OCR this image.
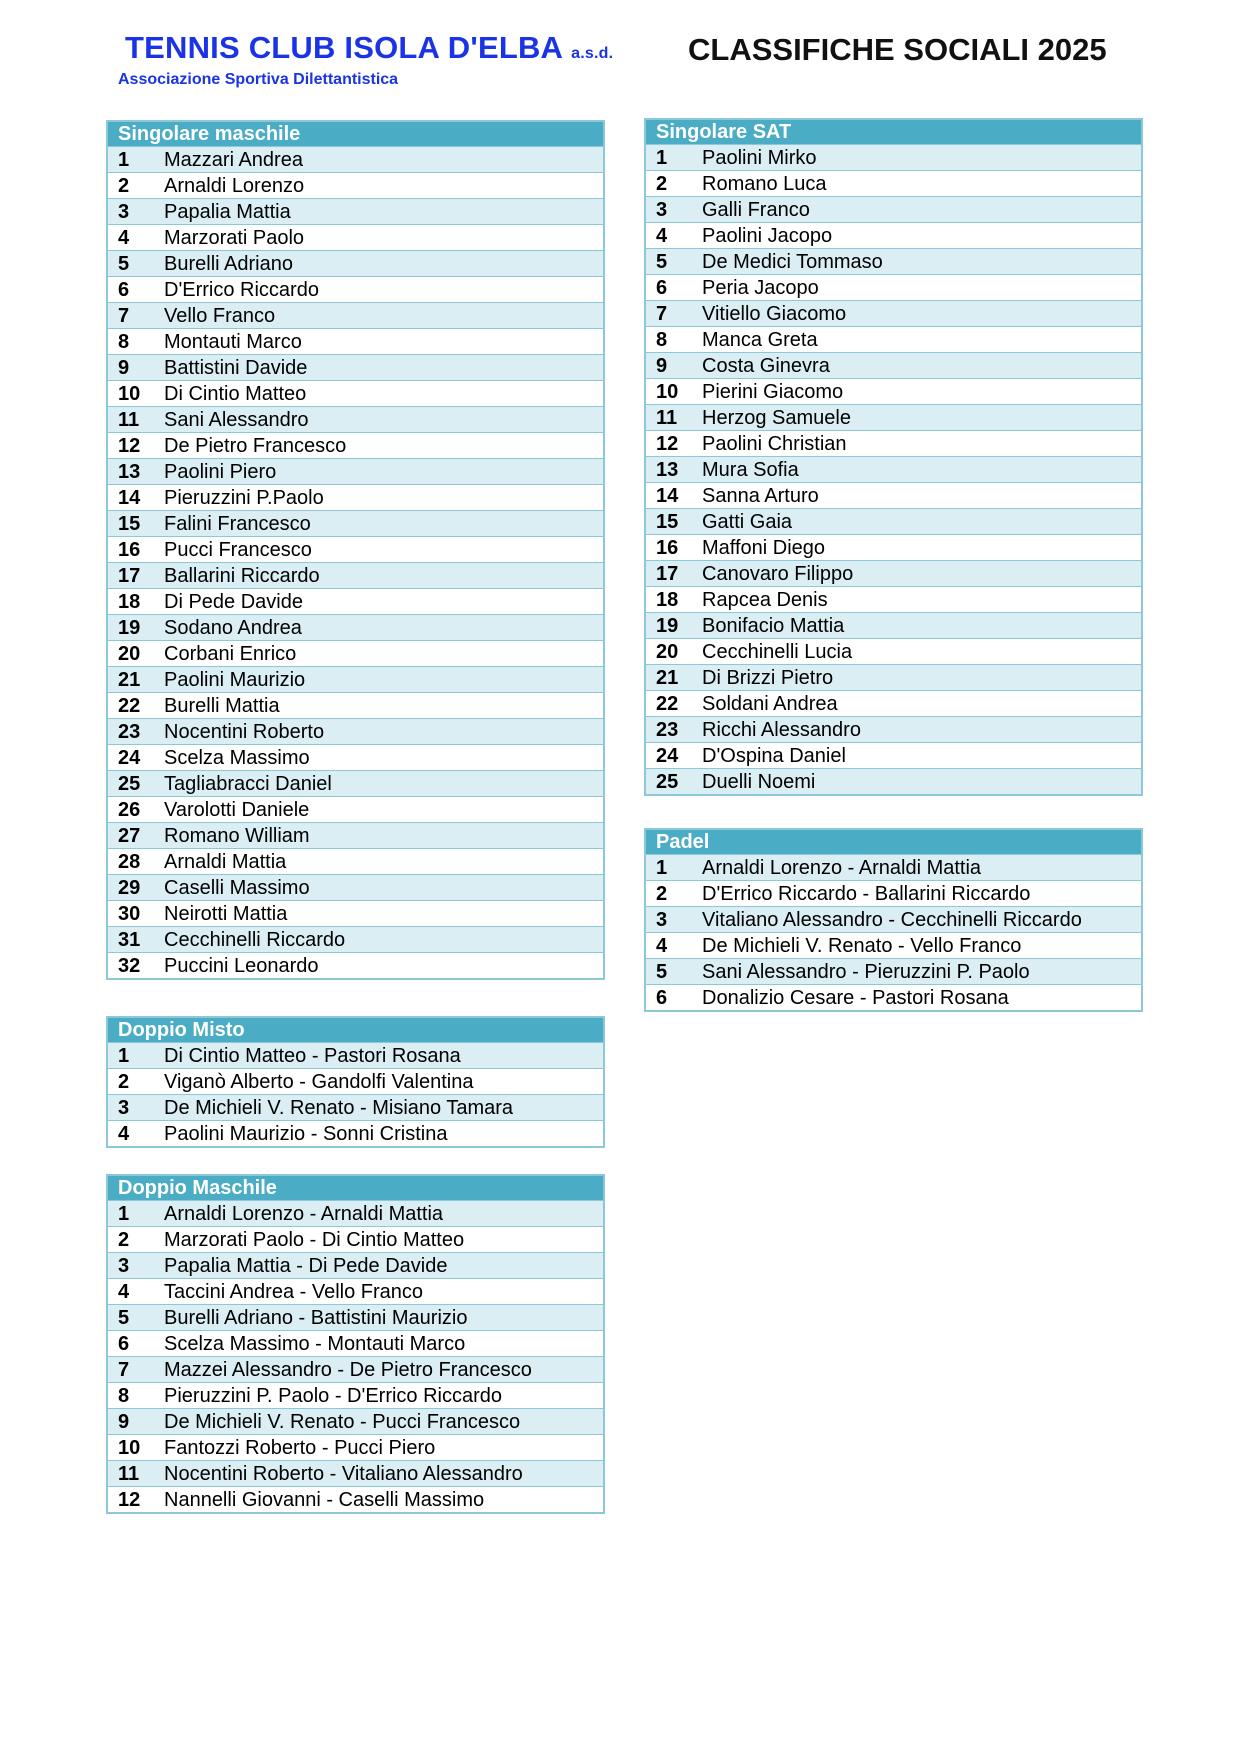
TENNIS CLUB ISOLA D'ELBA a.s.d.
Associazione Sportiva Dilettantistica
CLASSIFICHE SOCIALI 2025
Singolare maschile
1	Mazzari Andrea
2	Arnaldi Lorenzo
3	Papalia Mattia
4	Marzorati Paolo
5	Burelli Adriano
6	D'Errico Riccardo
7	Vello Franco
8	Montauti Marco
9	Battistini Davide
10	Di Cintio Matteo
11	Sani Alessandro
12	De Pietro Francesco
13	Paolini Piero
14	Pieruzzini P.Paolo
15	Falini Francesco
16	Pucci Francesco
17	Ballarini Riccardo
18	Di Pede Davide
19	Sodano Andrea
20	Corbani Enrico
21	Paolini Maurizio
22	Burelli Mattia
23	Nocentini Roberto
24	Scelza Massimo
25	Tagliabracci Daniel
26	Varolotti Daniele
27	Romano William
28	Arnaldi Mattia
29	Caselli Massimo
30	Neirotti Mattia
31	Cecchinelli Riccardo
32	Puccini Leonardo
Singolare SAT
1	Paolini Mirko
2	Romano Luca
3	Galli Franco
4	Paolini Jacopo
5	De Medici Tommaso
6	Peria Jacopo
7	Vitiello Giacomo
8	Manca Greta
9	Costa Ginevra
10	Pierini Giacomo
11	Herzog Samuele
12	Paolini Christian
13	Mura Sofia
14	Sanna Arturo
15	Gatti Gaia
16	Maffoni Diego
17	Canovaro Filippo
18	Rapcea Denis
19	Bonifacio Mattia
20	Cecchinelli Lucia
21	Di Brizzi Pietro
22	Soldani Andrea
23	Ricchi Alessandro
24	D'Ospina Daniel
25	Duelli Noemi
Padel
1	Arnaldi Lorenzo - Arnaldi Mattia
2	D'Errico Riccardo - Ballarini Riccardo
3	Vitaliano Alessandro - Cecchinelli Riccardo
4	De Michieli V. Renato - Vello Franco
5	Sani Alessandro - Pieruzzini P. Paolo
6	Donalizio Cesare - Pastori Rosana
Doppio Misto
1	Di Cintio Matteo - Pastori Rosana
2	Viganò Alberto - Gandolfi Valentina
3	De Michieli V. Renato - Misiano Tamara
4	Paolini Maurizio - Sonni Cristina
Doppio Maschile
1	Arnaldi Lorenzo - Arnaldi Mattia
2	Marzorati Paolo - Di Cintio Matteo
3	Papalia Mattia - Di Pede Davide
4	Taccini Andrea - Vello Franco
5	Burelli Adriano - Battistini Maurizio
6	Scelza Massimo - Montauti Marco
7	Mazzei Alessandro - De Pietro Francesco
8	Pieruzzini P. Paolo - D'Errico Riccardo
9	De Michieli V. Renato - Pucci Francesco
10	Fantozzi Roberto - Pucci Piero
11	Nocentini Roberto - Vitaliano Alessandro
12	Nannelli Giovanni - Caselli Massimo
